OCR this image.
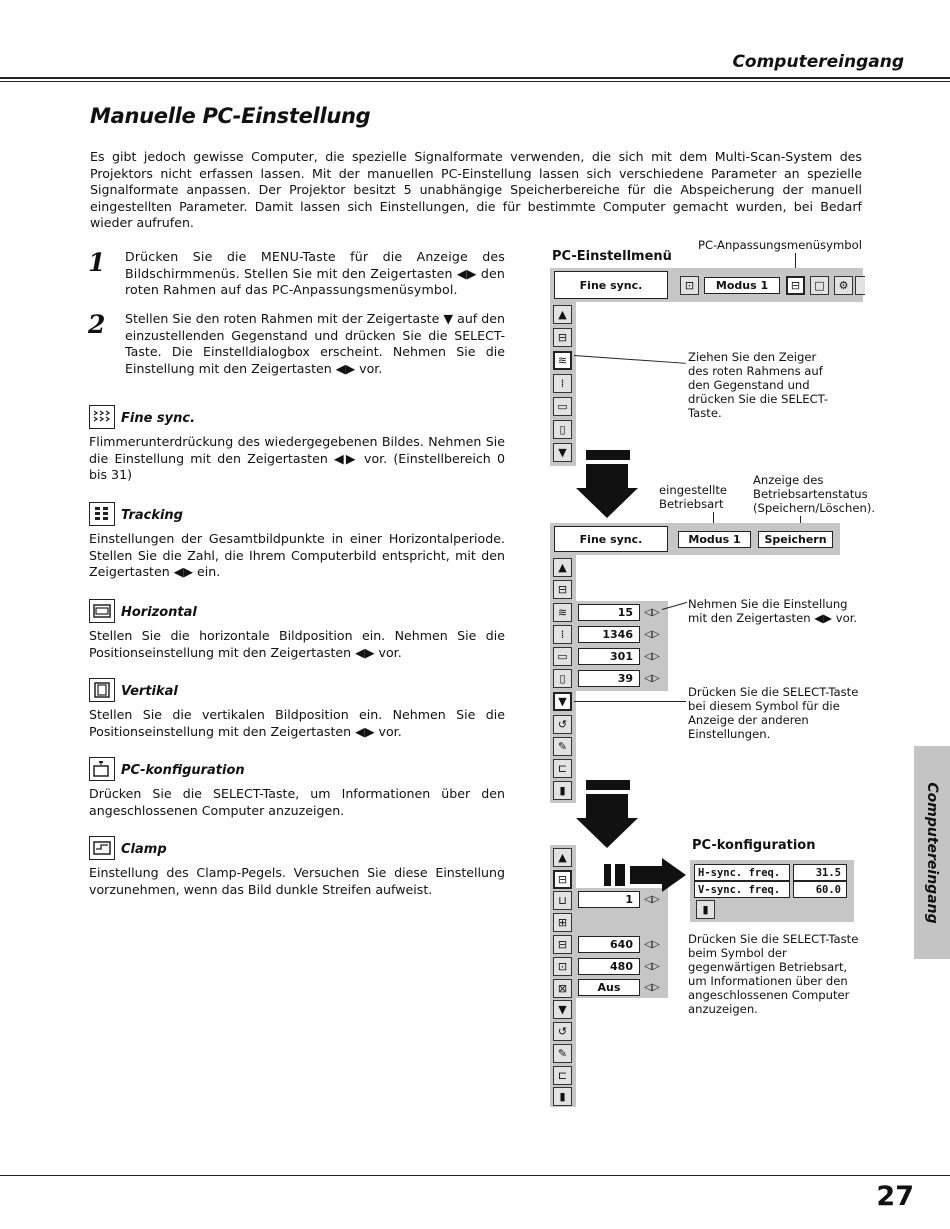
Computereingang
Manuelle PC-Einstellung
Es gibt jedoch gewisse Computer, die spezielle Signalformate verwenden, die sich mit dem Multi-Scan-System des Projektors nicht erfassen lassen. Mit der manuellen PC-Einstellung lassen sich verschiedene Parameter an spezielle Signalformate anpassen. Der Projektor besitzt 5 unabhängige Speicherbereiche für die Abspeicherung der manuell eingestellten Parameter. Damit lassen sich Einstellungen, die für bestimmte Computer gemacht wurden, bei Bedarf wieder aufrufen.
1 Drücken Sie die MENU-Taste für die Anzeige des Bildschirmmenüs. Stellen Sie mit den Zeigertasten ◀▶ den roten Rahmen auf das PC-Anpassungsmenüsymbol.
2 Stellen Sie den roten Rahmen mit der Zeigertaste ▼ auf den einzustellenden Gegenstand und drücken Sie die SELECT-Taste. Die Einstelldialogbox erscheint. Nehmen Sie die Einstellung mit den Zeigertasten ◀▶ vor.
Fine sync.
Flimmerunterdrückung des wiedergegebenen Bildes. Nehmen Sie die Einstellung mit den Zeigertasten ◀▶ vor. (Einstellbereich 0 bis 31)
Tracking
Einstellungen der Gesamtbildpunkte in einer Horizontalperiode. Stellen Sie die Zahl, die Ihrem Computerbild entspricht, mit den Zeigertasten ◀▶ ein.
Horizontal
Stellen Sie die horizontale Bildposition ein. Nehmen Sie die Positionseinstellung mit den Zeigertasten ◀▶ vor.
Vertikal
Stellen Sie die vertikalen Bildposition ein. Nehmen Sie die Positionseinstellung mit den Zeigertasten ◀▶ vor.
PC-konfiguration
Drücken Sie die SELECT-Taste, um Informationen über den angeschlossenen Computer anzuzeigen.
Clamp
Einstellung des Clamp-Pegels. Versuchen Sie diese Einstellung vorzunehmen, wenn das Bild dunkle Streifen aufweist.
PC-Einstellmenü
PC-Anpassungsmenüsymbol
Fine sync.	⊡	Modus 1	⊟	□	⚙
▲
⊟
≋
⁞
▭
▯
▼
Ziehen Sie den Zeiger des roten Rahmens auf den Gegenstand und drücken Sie die SELECT-Taste.
eingestellte Betriebsart
Anzeige des Betriebsartenstatus (Speichern/Löschen).
Fine sync.	Modus 1	Speichern
▲
⊟
≋
⁞
▭
▯
▼
↺
✎
⊏
▮
15	◁▷
1346	◁▷
301	◁▷
39	◁▷
Nehmen Sie die Einstellung mit den Zeigertasten ◀▶ vor.
Drücken Sie die SELECT-Taste bei diesem Symbol für die Anzeige der anderen Einstellungen.
▲
⊟
⊔
⊞
⊟
⊡
⊠
▼
↺
✎
⊏
▮
1	◁▷
640	◁▷
480	◁▷
Aus	◁▷
PC-konfiguration
H-sync. freq.	31.5
V-sync. freq.	60.0
▮
Drücken Sie die SELECT-Taste beim Symbol der gegenwärtigen Betriebsart, um Informationen über den angeschlossenen Computer anzuzeigen.
Computereingang
27
